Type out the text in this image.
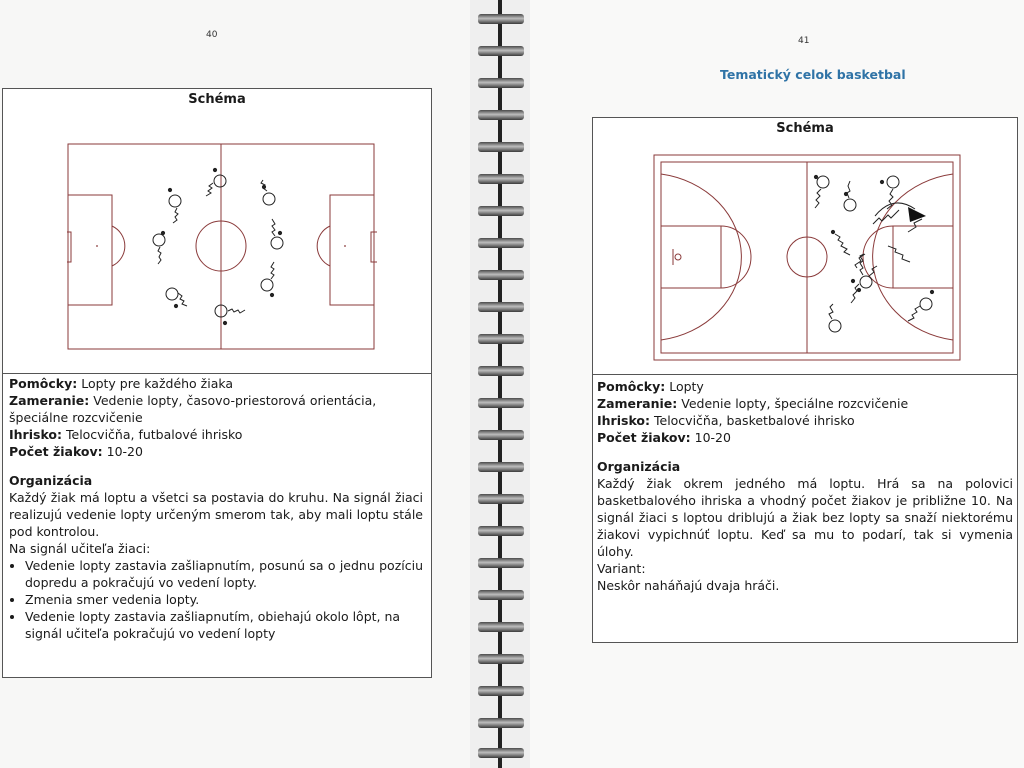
40
Schéma

Pomôcky: Lopty pre každého žiaka

Zameranie: Vedenie lopty, časovo-priestorová orientácia, špeciálne rozcvičenie

Ihrisko: Telocvičňa, futbalové ihrisko

Počet žiakov: 10-20

Organizácia

Každý žiak má loptu a všetci sa postavia do kruhu. Na signál žiaci realizujú vedenie lopty určeným smerom tak, aby mali loptu stále pod kontrolou.

Na signál učiteľa žiaci:

• Vedenie lopty zastavia zašliapnutím, posunú sa o jednu pozíciu dopredu a pokračujú vo vedení lopty.
• Zmenia smer vedenia lopty.
• Vedenie lopty zastavia zašliapnutím, obiehajú okolo lôpt, na signál učiteľa pokračujú vo vedení lopty
41
Tematický celok basketbal
Schéma

Pomôcky: Lopty

Zameranie: Vedenie lopty, špeciálne rozcvičenie

Ihrisko: Telocvičňa, basketbalové ihrisko

Počet žiakov: 10-20

Organizácia

Každý žiak okrem jedného má loptu. Hrá sa na polovici basketbalového ihriska a vhodný počet žiakov je približne 10. Na signál žiaci s loptou driblujú a žiak bez lopty sa snaží niektorému žiakovi vypichnúť loptu. Keď sa mu to podarí, tak si vymenia úlohy.

Variant:

Neskôr naháňajú dvaja hráči.
